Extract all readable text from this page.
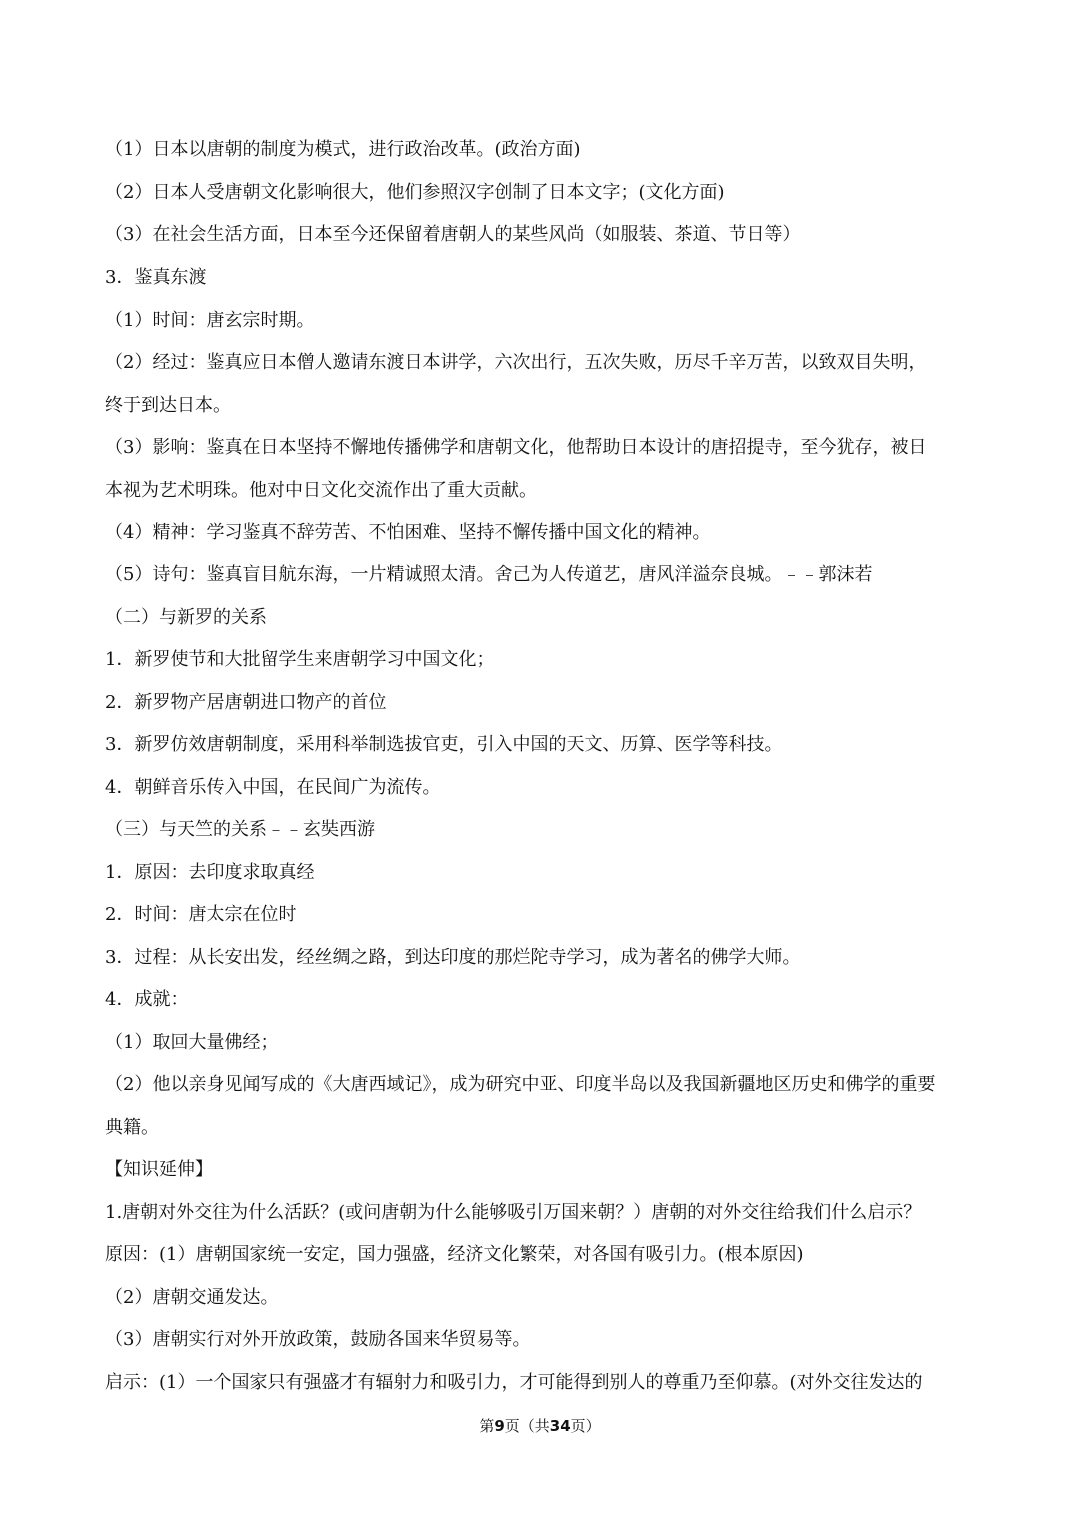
（1）日本以唐朝的制度为模式，进行政治改革。(政治方面)
（2）日本人受唐朝文化影响很大，他们参照汉字创制了日本文字；(文化方面)
（3）在社会生活方面，日本至今还保留着唐朝人的某些风尚（如服装、茶道、节日等）
3．鉴真东渡
（1）时间：唐玄宗时期。
（2）经过：鉴真应日本僧人邀请东渡日本讲学，六次出行，五次失败，历尽千辛万苦，以致双目失明，
终于到达日本。
（3）影响：鉴真在日本坚持不懈地传播佛学和唐朝文化，他帮助日本设计的唐招提寺，至今犹存，被日
本视为艺术明珠。他对中日文化交流作出了重大贡献。
（4）精神：学习鉴真不辞劳苦、不怕困难、坚持不懈传播中国文化的精神。
（5）诗句：鉴真盲目航东海，一片精诚照太清。舍己为人传道艺，唐风洋溢奈良城。﹣﹣郭沫若
（二）与新罗的关系
1．新罗使节和大批留学生来唐朝学习中国文化；
2．新罗物产居唐朝进口物产的首位
3．新罗仿效唐朝制度，采用科举制选拔官吏，引入中国的天文、历算、医学等科技。
4．朝鲜音乐传入中国，在民间广为流传。
（三）与天竺的关系﹣﹣玄奘西游
1．原因：去印度求取真经
2．时间：唐太宗在位时
3．过程：从长安出发，经丝绸之路，到达印度的那烂陀寺学习，成为著名的佛学大师。
4．成就：
（1）取回大量佛经；
（2）他以亲身见闻写成的《大唐西域记》，成为研究中亚、印度半岛以及我国新疆地区历史和佛学的重要
典籍。
【知识延伸】
1.唐朝对外交往为什么活跃？(或问唐朝为什么能够吸引万国来朝？）唐朝的对外交往给我们什么启示？
原因：(1）唐朝国家统一安定，国力强盛，经济文化繁荣，对各国有吸引力。(根本原因)
（2）唐朝交通发达。
（3）唐朝实行对外开放政策，鼓励各国来华贸易等。
启示：(1）一个国家只有强盛才有辐射力和吸引力，才可能得到别人的尊重乃至仰慕。(对外交往发达的
第9页（共34页）
